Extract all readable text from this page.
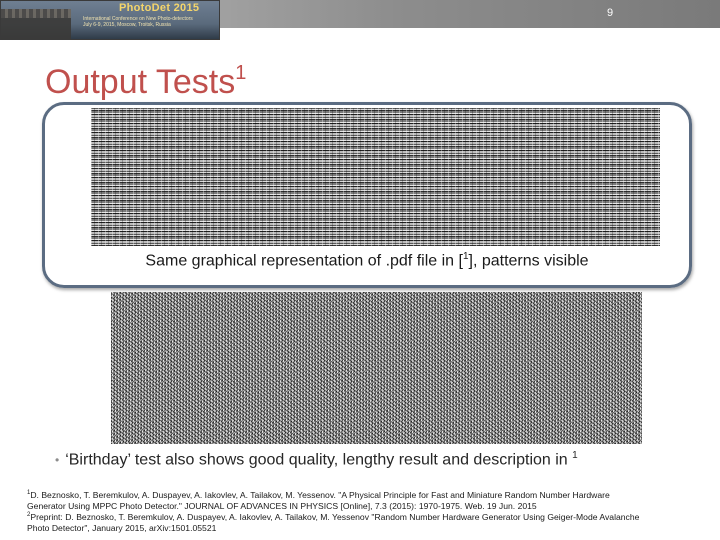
PhotoDet 2015
International Conference on New Photo-detectors
July 6-9, 2015, Moscow, Troitsk, Russia
9
Output Tests$^1$
Same graphical representation of .pdf file in [$^1$], patterns visible
• ‘Birthday’ test also shows good quality, lengthy result and description in $^1$
$^1$D. Beznosko, T. Beremkulov, A. Duspayev, A. Iakovlev, A. Tailakov, M. Yessenov. "A Physical Principle for Fast and Miniature Random Number Hardware
Generator Using MPPC Photo Detector." JOURNAL OF ADVANCES IN PHYSICS [Online], 7.3 (2015): 1970-1975. Web. 19 Jun. 2015
$^2$Preprint: D. Beznosko, T. Beremkulov, A. Duspayev, A. Iakovlev, A. Tailakov, M. Yessenov "Random Number Hardware Generator Using Geiger-Mode Avalanche
Photo Detector", January 2015, arXiv:1501.05521
